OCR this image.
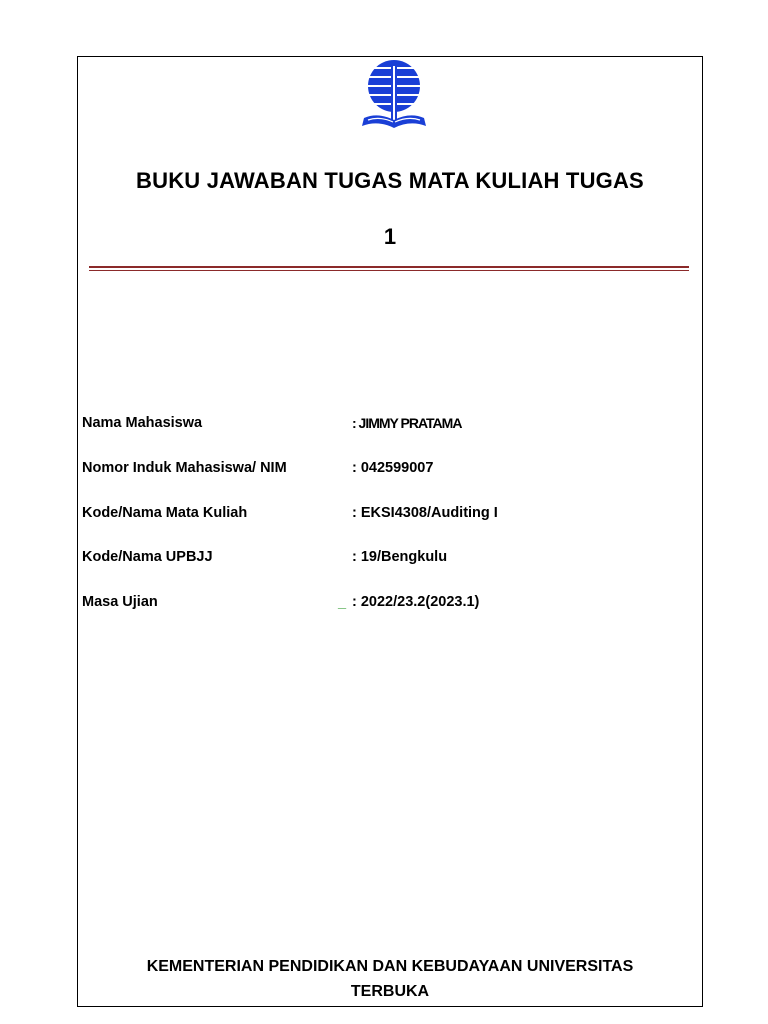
BUKU JAWABAN TUGAS MATA KULIAH TUGAS
1
Nama Mahasiswa	: JIMMY PRATAMA
Nomor Induk Mahasiswa/ NIM	: 042599007
Kode/Nama Mata Kuliah	: EKSI4308/Auditing I
Kode/Nama UPBJJ	: 19/Bengkulu
Masa Ujian	_ : 2022/23.2(2023.1)
KEMENTERIAN PENDIDIKAN DAN KEBUDAYAAN UNIVERSITAS
TERBUKA
